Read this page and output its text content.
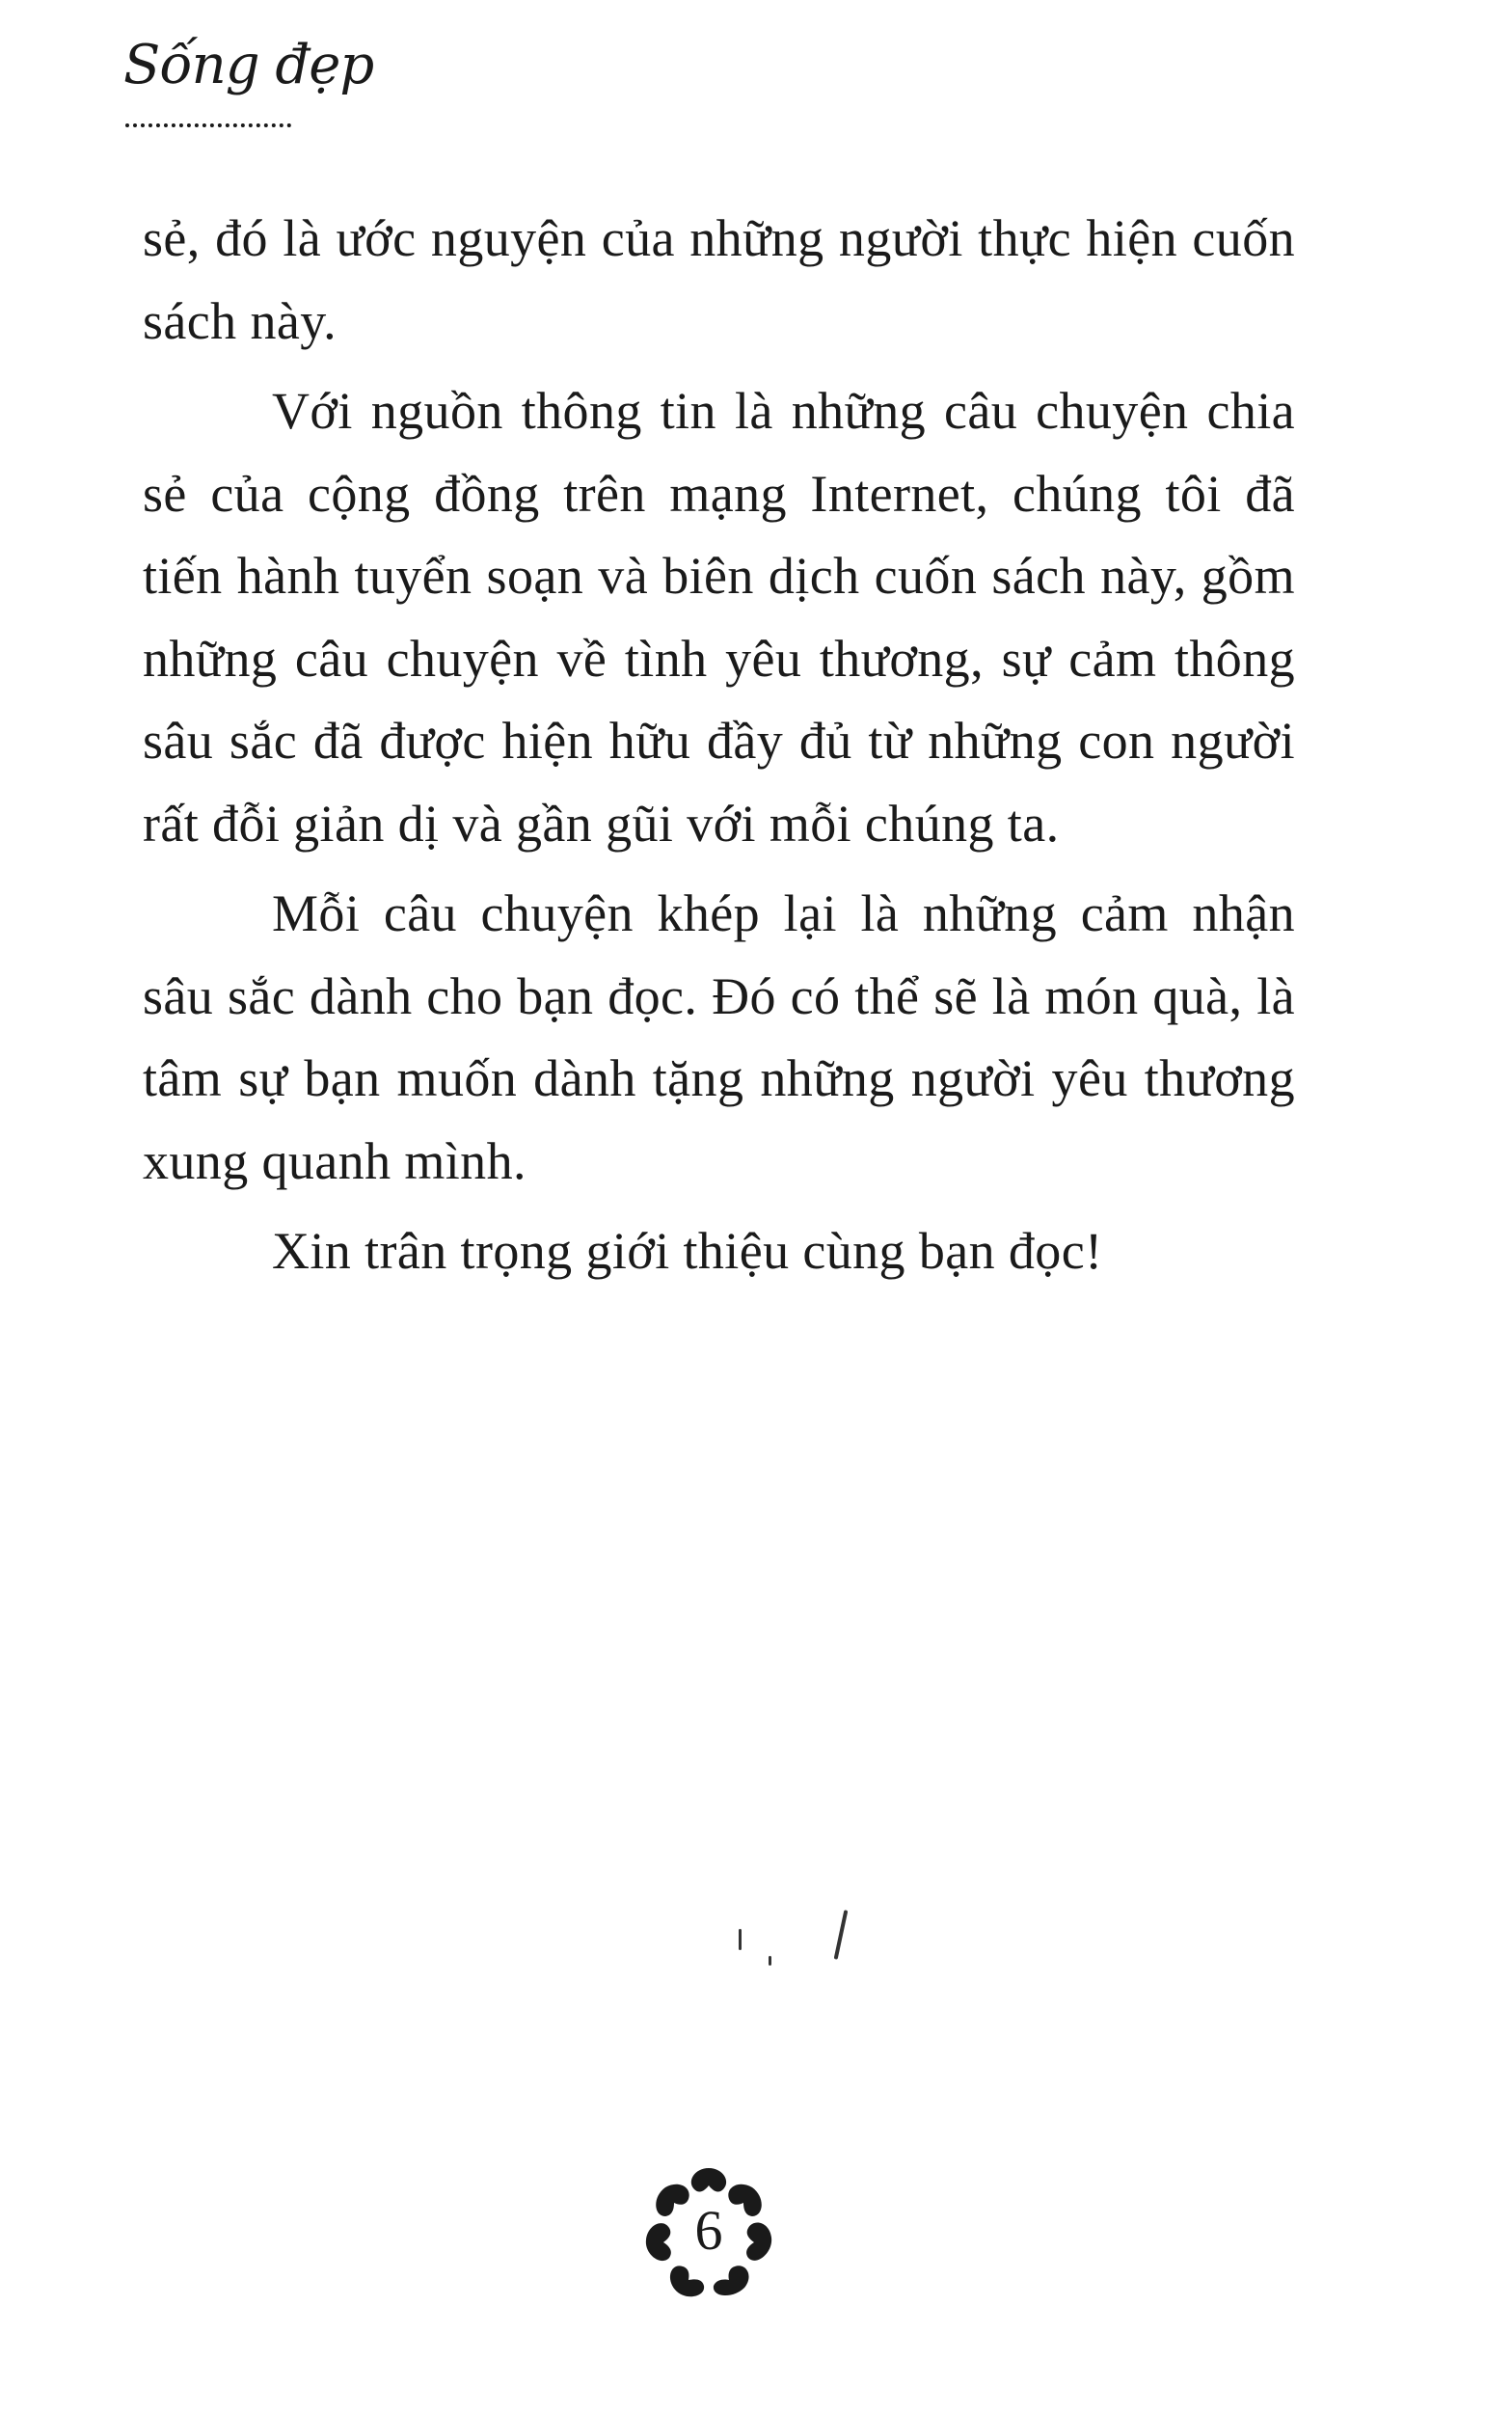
Sống đẹp

sẻ, đó là ước nguyện của những người thực hiện cuốn sách này.

Với nguồn thông tin là những câu chuyện chia sẻ của cộng đồng trên mạng Internet, chúng tôi đã tiến hành tuyển soạn và biên dịch cuốn sách này, gồm những câu chuyện về tình yêu thương, sự cảm thông sâu sắc đã được hiện hữu đầy đủ từ những con người rất đỗi giản dị và gần gũi với mỗi chúng ta.

Mỗi câu chuyện khép lại là những cảm nhận sâu sắc dành cho bạn đọc. Đó có thể sẽ là món quà, là tâm sự bạn muốn dành tặng những người yêu thương xung quanh mình.

Xin trân trọng giới thiệu cùng bạn đọc!

6
